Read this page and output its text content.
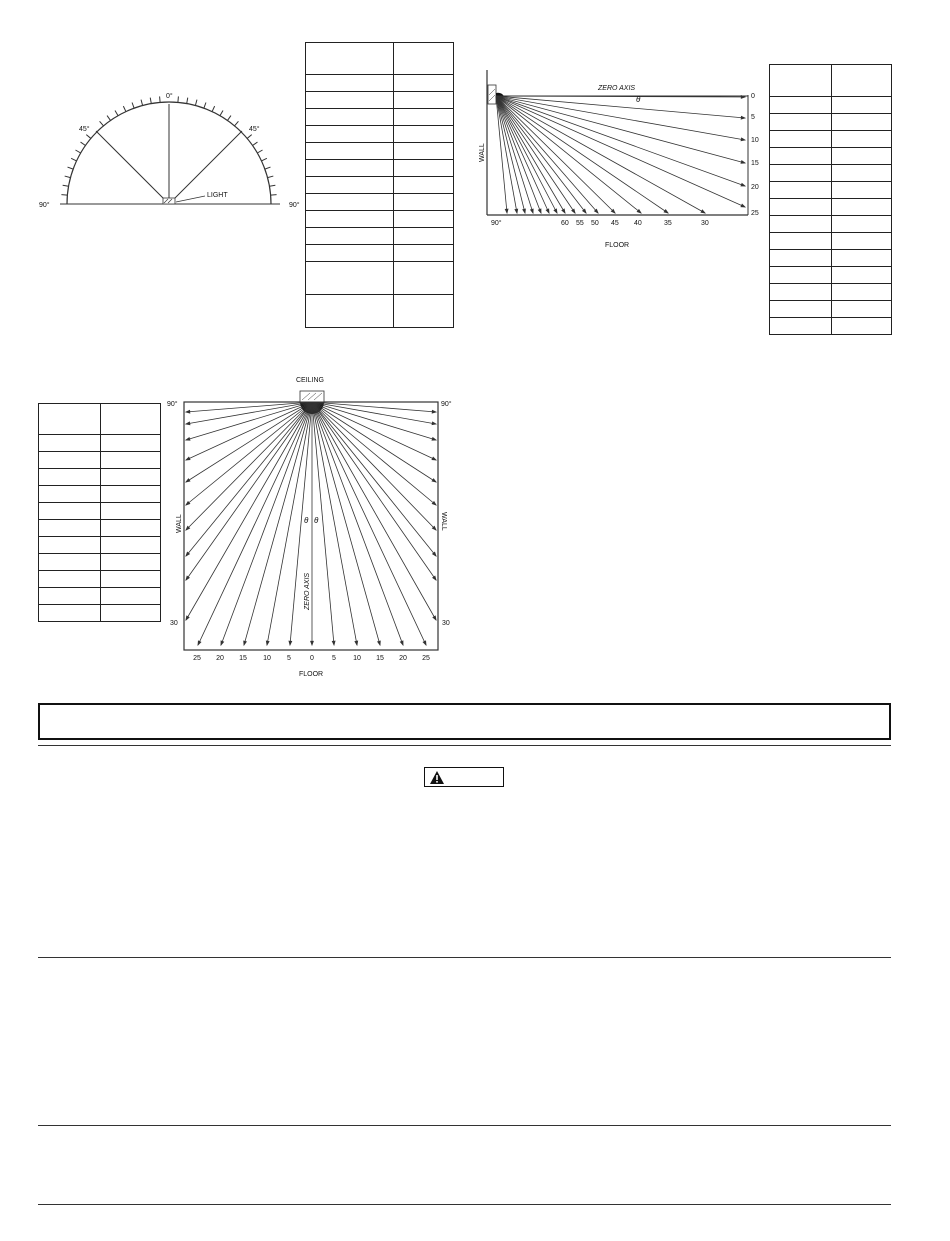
0°
45°	45°
90°	90°
LIGHT

ZERO AXIS
θ
WALL
FLOOR
0
5
10
15
20
25
90°	60 55 50 45 40	35	30

CEILING
90°	90°
WALL	WALL
ZERO AXIS
θ θ
30	30
FLOOR
25 20 15 10 5	0	5 10 15 20 25
